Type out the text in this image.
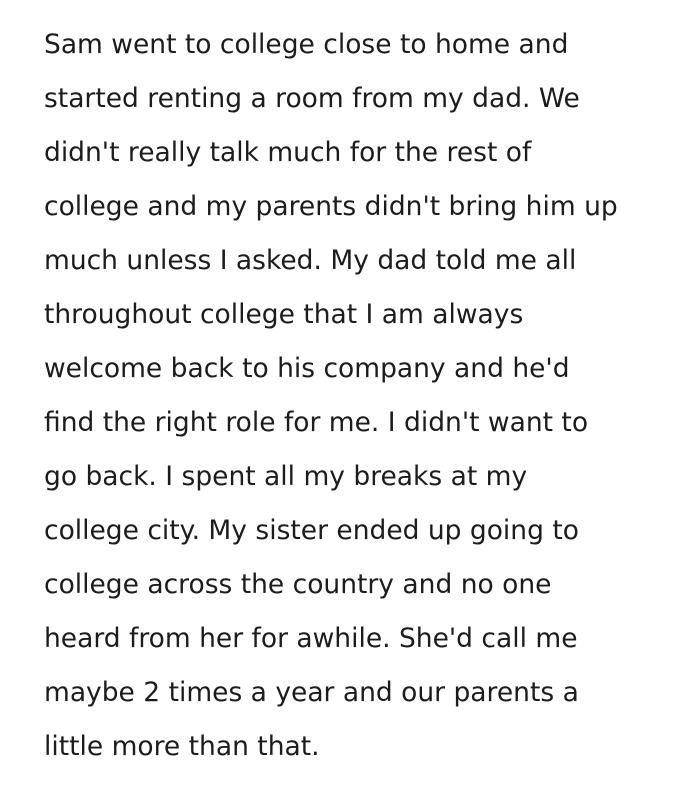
Sam went to college close to home and
started renting a room from my dad. We
didn't really talk much for the rest of
college and my parents didn't bring him up
much unless I asked. My dad told me all
throughout college that I am always
welcome back to his company and he'd
find the right role for me. I didn't want to
go back. I spent all my breaks at my
college city. My sister ended up going to
college across the country and no one
heard from her for awhile. She'd call me
maybe 2 times a year and our parents a
little more than that.
